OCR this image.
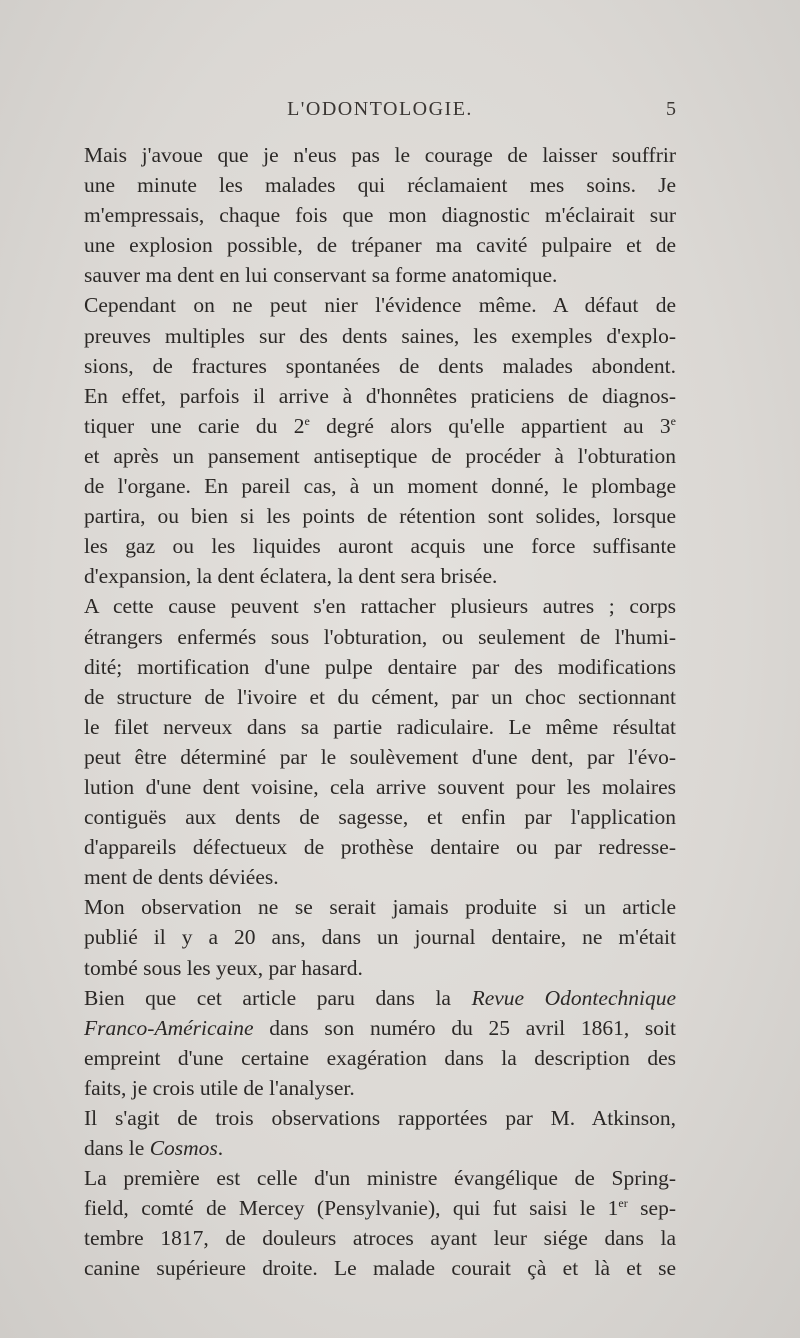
L'ODONTOLOGIE.	5
Mais j'avoue que je n'eus pas le courage de laisser souffrir
une minute les malades qui réclamaient mes soins. Je
m'empressais, chaque fois que mon diagnostic m'éclairait sur
une explosion possible, de trépaner ma cavité pulpaire et de
sauver ma dent en lui conservant sa forme anatomique.
Cependant on ne peut nier l'évidence même. A défaut de
preuves multiples sur des dents saines, les exemples d'explo-
sions, de fractures spontanées de dents malades abondent.
En effet, parfois il arrive à d'honnêtes praticiens de diagnos-
tiquer une carie du 2e degré alors qu'elle appartient au 3e
et après un pansement antiseptique de procéder à l'obturation
de l'organe. En pareil cas, à un moment donné, le plombage
partira, ou bien si les points de rétention sont solides, lorsque
les gaz ou les liquides auront acquis une force suffisante
d'expansion, la dent éclatera, la dent sera brisée.
A cette cause peuvent s'en rattacher plusieurs autres ; corps
étrangers enfermés sous l'obturation, ou seulement de l'humi-
dité; mortification d'une pulpe dentaire par des modifications
de structure de l'ivoire et du cément, par un choc sectionnant
le filet nerveux dans sa partie radiculaire. Le même résultat
peut être déterminé par le soulèvement d'une dent, par l'évo-
lution d'une dent voisine, cela arrive souvent pour les molaires
contiguës aux dents de sagesse, et enfin par l'application
d'appareils défectueux de prothèse dentaire ou par redresse-
ment de dents déviées.
Mon observation ne se serait jamais produite si un article
publié il y a 20 ans, dans un journal dentaire, ne m'était
tombé sous les yeux, par hasard.
Bien que cet article paru dans la Revue Odontechnique
Franco-Américaine dans son numéro du 25 avril 1861, soit
empreint d'une certaine exagération dans la description des
faits, je crois utile de l'analyser.
Il s'agit de trois observations rapportées par M. Atkinson,
dans le Cosmos.
La première est celle d'un ministre évangélique de Spring-
field, comté de Mercey (Pensylvanie), qui fut saisi le 1er sep-
tembre 1817, de douleurs atroces ayant leur siége dans la
canine supérieure droite. Le malade courait çà et là et se
